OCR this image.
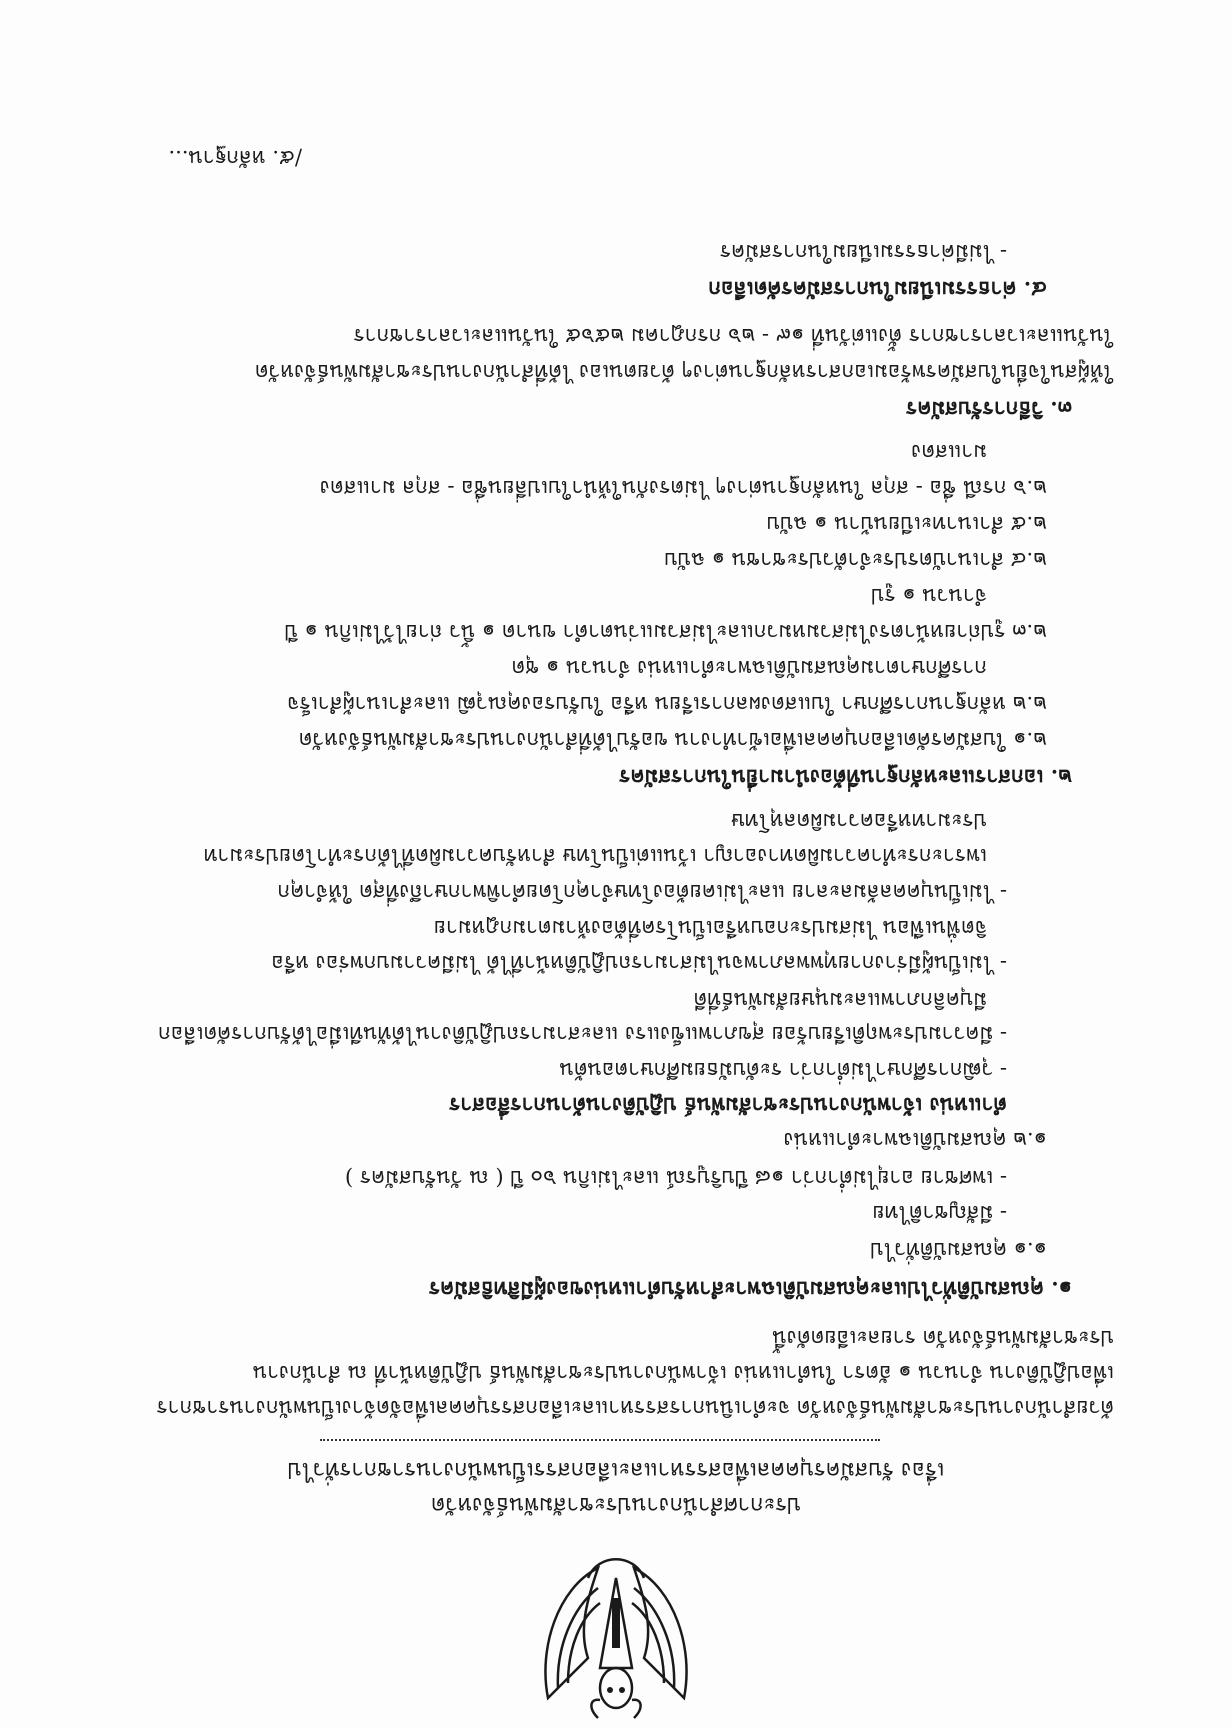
ประกาศสำนักงานประชาสัมพันธ์จังหวัด
เรื่อง รับสมัครบุคคลเพื่อสรรหาและเลือกสรรเป็นพนักงานราชการทั่วไป
ด้วยสำนักงานประชาสัมพันธ์จังหวัด จะดำเนินการสรรหาและเลือกสรรบุคคลเพื่อจัดจ้างเป็นพนักงานราชการ
เพื่อปฏิบัติงาน จำนวน ๑ อัตรา ในตำแหน่ง เจ้าพนักงานประชาสัมพันธ์ ปฏิบัติหน้าที่ ณ สำนักงาน
ประชาสัมพันธ์จังหวัด รายละเอียดดังนี้
๑. คุณสมบัติทั่วไปและคุณสมบัติเฉพาะสำหรับตำแหน่งของผู้มีสิทธิสมัคร
๑.๑ คุณสมบัติทั่วไป
- มีสัญชาติไทย
- เพศชาย อายุไม่ต่ำกว่า ๑๘ ปีบริบูรณ์ และไม่เกิน ๖๐ ปี ( ณ วันรับสมัคร )
๑.๒ คุณสมบัติเฉพาะตำแหน่ง
ตำแหน่ง เจ้าพนักงานประชาสัมพันธ์ ปฏิบัติงานด้านการสื่อสาร
- วุฒิการศึกษาไม่ต่ำกว่า ระดับมัธยมศึกษาตอนต้น
- มีความประพฤติเรียบร้อย สุขภาพแข็งแรง และสามารถปฏิบัติงานได้ทันทีเมื่อได้รับการคัดเลือก
มีบุคลิกภาพและมนุษยสัมพันธ์ที่ดี
- ไม่เป็นผู้มีร่างกายทุพพลภาพจนไม่สามารถปฏิบัติหน้าที่ได้ ไม่มีความบกพร่อง หรือ
จิตฟั่นเฟือน ไม่สมประกอบหรือเป็นโรคที่ต้องห้ามตามกฎหมาย
- ไม่เป็นบุคคลล้มละลาย และไม่เคยต้องโทษจำคุกโดยคำพิพากษาถึงที่สุด ให้จำคุก
เพราะกระทำความผิดทางอาญา เว้นแต่เป็นโทษ สำหรับความผิดที่ได้กระทำโดยประมาท
ประมาทหรือความผิดลหุโทษ
๒. เอกสารและหลักฐานที่ต้องนำมายื่นในการสมัคร
๒.๑ ใบสมัครคัดเลือกบุคคลเพื่อเข้าทำงาน ขอรับได้ที่สำนักงานประชาสัมพันธ์จังหวัด
๒.๒ หลักฐานการศึกษา ใบแสดงผลการเรียน หรือ ใบรับรองคุณวุฒิ และสำเนาผู้สำเร็จ
การศึกษาตามคุณสมบัติเฉพาะตำแหน่ง จำนวน ๑ ชุด
๒.๓ รูปถ่ายหน้าตรงไม่สวมหมวกและไม่สวมแว่นตาดำ ขนาด ๑ นิ้ว ถ่ายไว้ไม่เกิน ๑ ปี
จำนวน ๑ รูป
๒.๔ สำเนาบัตรประจำตัวประชาชน ๑ ฉบับ
๒.๕ สำเนาทะเบียนบ้าน ๑ ฉบับ
๒.๖ กรณี ชื่อ - สกุล ในหลักฐานต่างๆ ไม่ตรงกันให้นำใบเปลี่ยนชื่อ - สกุล มาแสดง
มาแสดง
๓. วิธีการรับสมัคร
ให้ผู้สนใจยื่นใบสมัครพร้อมเอกสารหลักฐานต่างๆ ด้วยตนเอง ได้ที่สำนักงานประชาสัมพันธ์จังหวัด
ในวันและเวลาราชการ ตั้งแต่วันที่ ๑๙ - ๒๖ กรกฎาคม ๒๕๖๕ ในวันและเวลาราชการ
๔. ค่าธรรมเนียมในการสมัครคัดเลือก
- ไม่มีค่าธรรมเนียมในการสมัคร
/๕. หลักฐาน...
